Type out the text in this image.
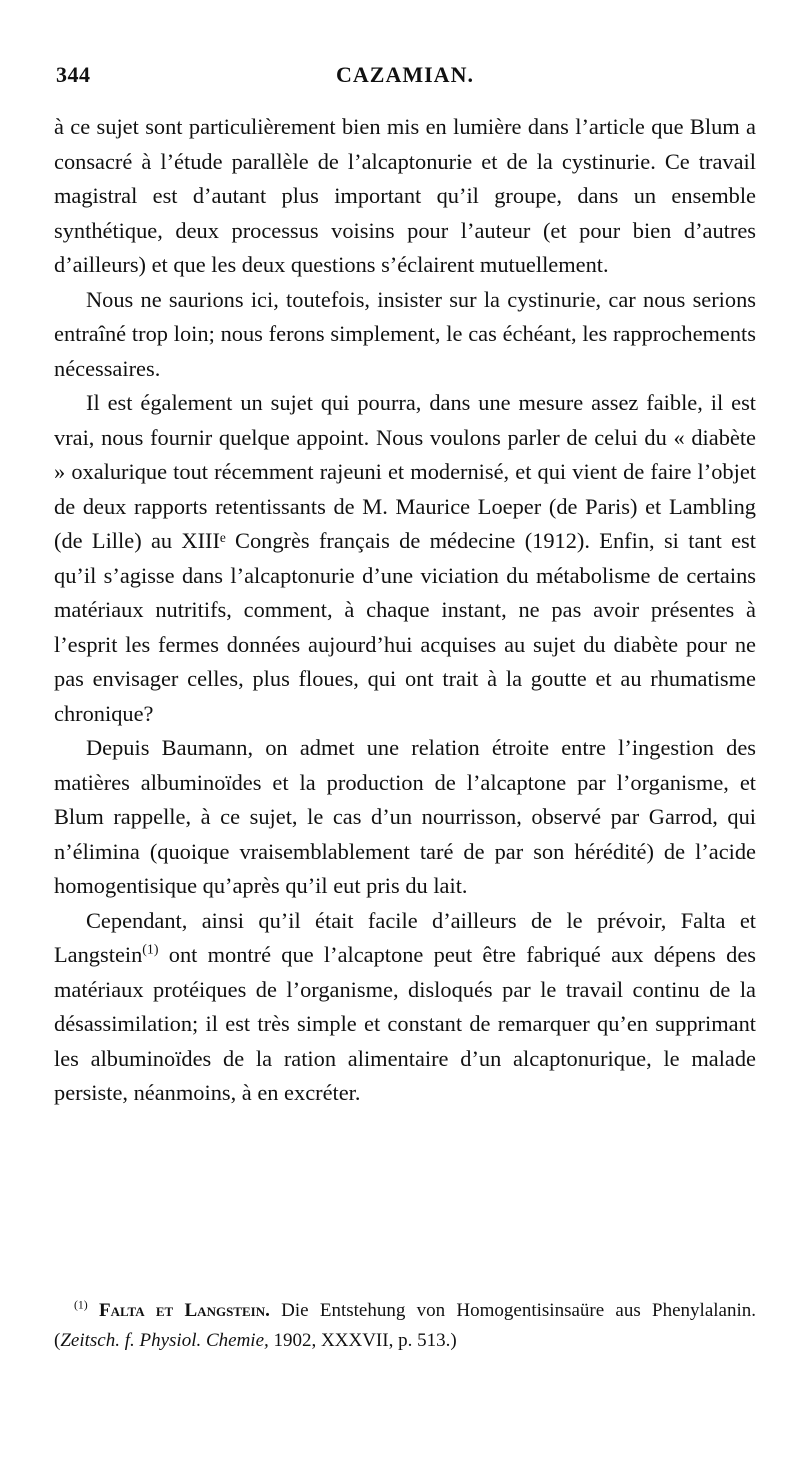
344	CAZAMIAN.

à ce sujet sont particulièrement bien mis en lumière dans l’article que Blum a consacré à l’étude parallèle de l’alcaptonurie et de la cystinurie. Ce travail magistral est d’autant plus important qu’il groupe, dans un ensemble synthétique, deux processus voisins pour l’auteur (et pour bien d’autres d’ailleurs) et que les deux questions s’éclairent mutuellement.

Nous ne saurions ici, toutefois, insister sur la cystinurie, car nous serions entraîné trop loin; nous ferons simplement, le cas échéant, les rapprochements nécessaires.

Il est également un sujet qui pourra, dans une mesure assez faible, il est vrai, nous fournir quelque appoint. Nous voulons parler de celui du « diabète » oxalurique tout récemment rajeuni et modernisé, et qui vient de faire l’objet de deux rapports retentissants de M. Maurice Loeper (de Paris) et Lambling (de Lille) au XIIIᵉ Congrès français de médecine (1912). Enfin, si tant est qu’il s’agisse dans l’alcaptonurie d’une viciation du métabolisme de certains matériaux nutritifs, comment, à chaque instant, ne pas avoir présentes à l’esprit les fermes données aujourd’hui acquises au sujet du diabète pour ne pas envisager celles, plus floues, qui ont trait à la goutte et au rhumatisme chronique?

Depuis Baumann, on admet une relation étroite entre l’ingestion des matières albuminoïdes et la production de l’alcaptone par l’organisme, et Blum rappelle, à ce sujet, le cas d’un nourrisson, observé par Garrod, qui n’élimina (quoique vraisemblablement taré de par son hérédité) de l’acide homogentisique qu’après qu’il eut pris du lait.

Cependant, ainsi qu’il était facile d’ailleurs de le prévoir, Falta et Langstein$^{(1)}$ ont montré que l’alcaptone peut être fabriqué aux dépens des matériaux protéiques de l’organisme, disloqués par le travail continu de la désassimilation; il est très simple et constant de remarquer qu’en supprimant les albuminoïdes de la ration alimentaire d’un alcaptonurique, le malade persiste, néanmoins, à en excréter.

$^{(1)}$ Falta et Langstein. Die Entstehung von Homogentisinsaüre aus Phenylalanin. (Zeitsch. f. Physiol. Chemie, 1902, XXXVII, p. 513.)
